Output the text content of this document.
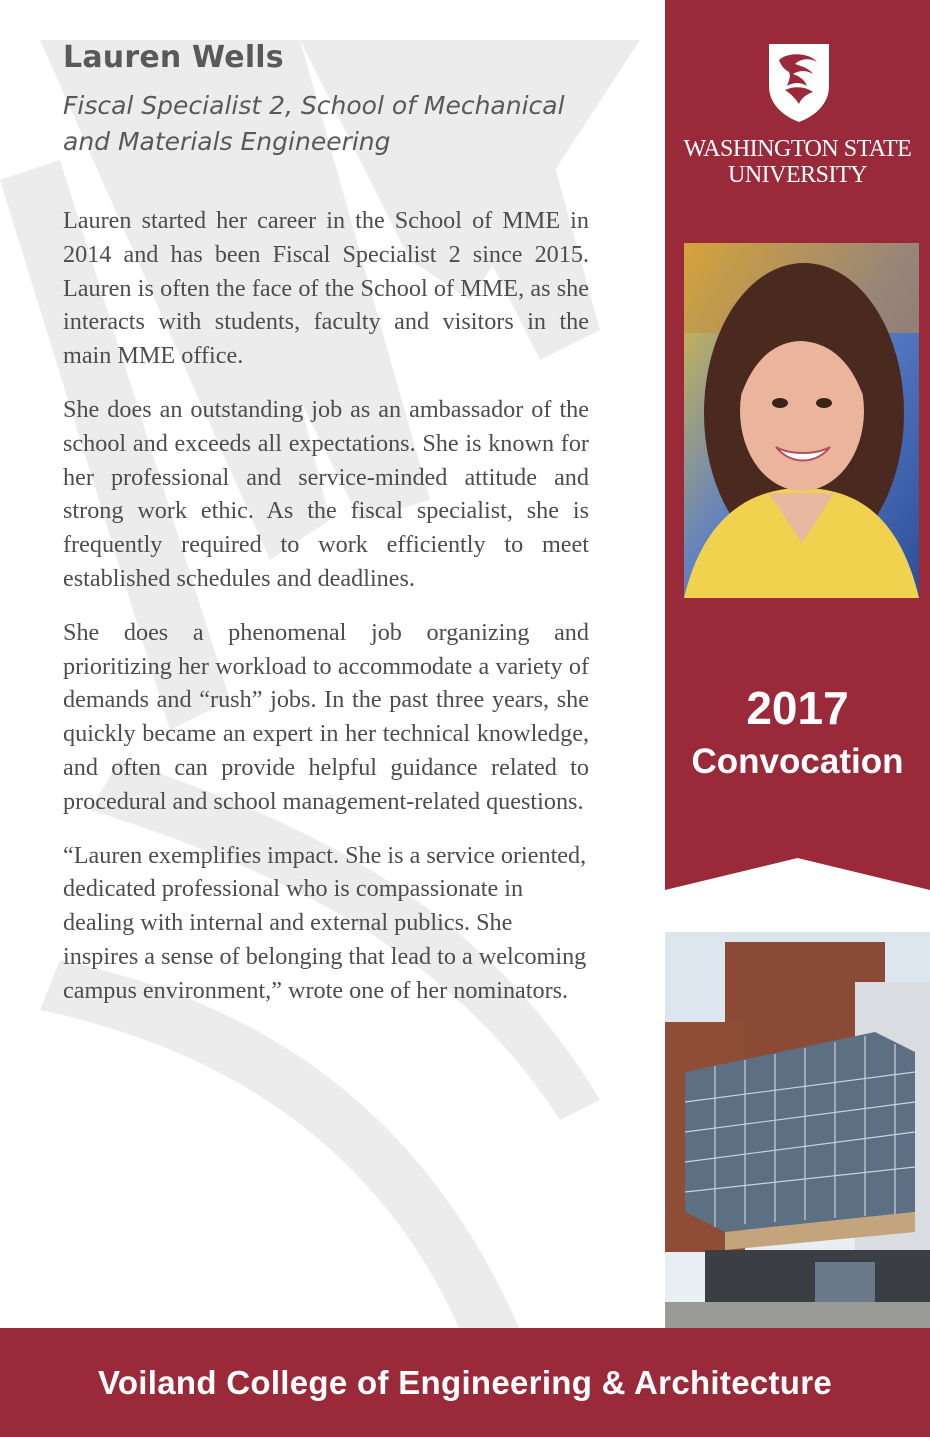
Lauren Wells

Fiscal Specialist 2, School of Mechanical and Materials Engineering

Lauren started her career in the School of MME in 2014 and has been Fiscal Specialist 2 since 2015. Lauren is often the face of the School of MME, as she interacts with students, faculty and visitors in the main MME office.

She does an outstanding job as an ambassador of the school and exceeds all expectations. She is known for her professional and service-minded attitude and strong work ethic. As the fiscal specialist, she is frequently required to work efficiently to meet established schedules and deadlines.

She does a phenomenal job organizing and prioritizing her workload to accommodate a variety of demands and “rush” jobs. In the past three years, she quickly became an expert in her technical knowledge, and often can provide helpful guidance related to procedural and school management-related questions.

“Lauren exemplifies impact. She is a service oriented, dedicated professional who is compassionate in dealing with internal and external publics. She inspires a sense of belonging that lead to a welcoming campus environment,” wrote one of her nominators.

WASHINGTON STATE
UNIVERSITY
2017
Convocation
Voiland College of Engineering & Architecture
